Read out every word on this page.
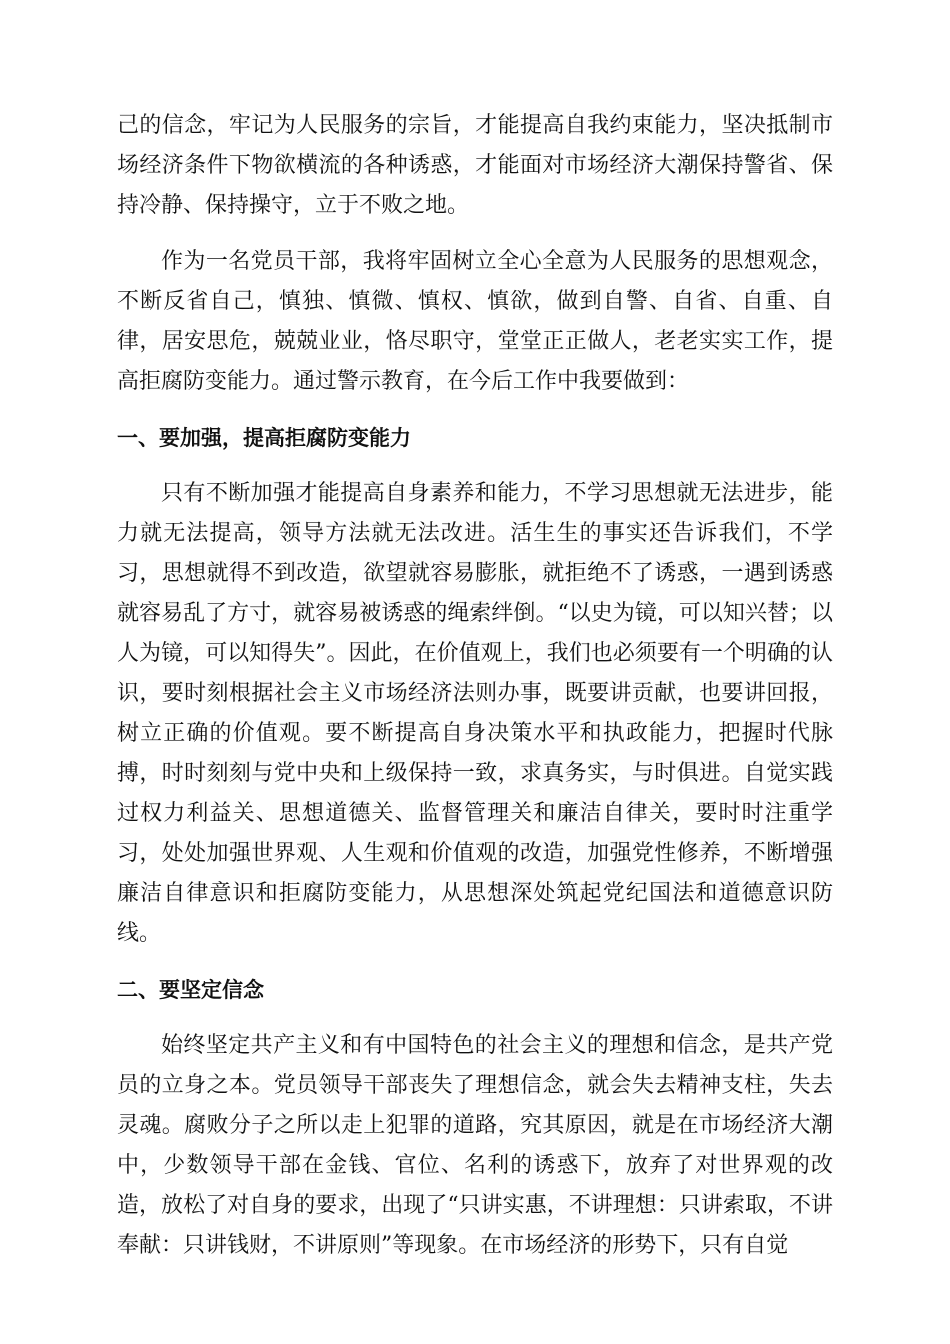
己的信念，牢记为人民服务的宗旨，才能提高自我约束能力，坚决抵制市场经济条件下物欲横流的各种诱惑，才能面对市场经济大潮保持警省、保持冷静、保持操守，立于不败之地。

作为一名党员干部，我将牢固树立全心全意为人民服务的思想观念，不断反省自己，慎独、慎微、慎权、慎欲，做到自警、自省、自重、自律，居安思危，兢兢业业，恪尽职守，堂堂正正做人，老老实实工作，提高拒腐防变能力。通过警示教育，在今后工作中我要做到：

一、要加强，提高拒腐防变能力

只有不断加强才能提高自身素养和能力，不学习思想就无法进步，能力就无法提高，领导方法就无法改进。活生生的事实还告诉我们，不学习，思想就得不到改造，欲望就容易膨胀，就拒绝不了诱惑，一遇到诱惑就容易乱了方寸，就容易被诱惑的绳索绊倒。“以史为镜，可以知兴替；以人为镜，可以知得失”。因此，在价值观上，我们也必须要有一个明确的认识，要时刻根据社会主义市场经济法则办事，既要讲贡献，也要讲回报，树立正确的价值观。要不断提高自身决策水平和执政能力，把握时代脉搏，时时刻刻与党中央和上级保持一致，求真务实，与时俱进。自觉实践过权力利益关、思想道德关、监督管理关和廉洁自律关，要时时注重学习，处处加强世界观、人生观和价值观的改造，加强党性修养，不断增强廉洁自律意识和拒腐防变能力，从思想深处筑起党纪国法和道德意识防线。

二、要坚定信念

始终坚定共产主义和有中国特色的社会主义的理想和信念，是共产党员的立身之本。党员领导干部丧失了理想信念，就会失去精神支柱，失去灵魂。腐败分子之所以走上犯罪的道路，究其原因，就是在市场经济大潮中，少数领导干部在金钱、官位、名利的诱惑下，放弃了对世界观的改造，放松了对自身的要求，出现了“只讲实惠，不讲理想：只讲索取，不讲奉献：只讲钱财，不讲原则”等现象。在市场经济的形势下，只有自觉
